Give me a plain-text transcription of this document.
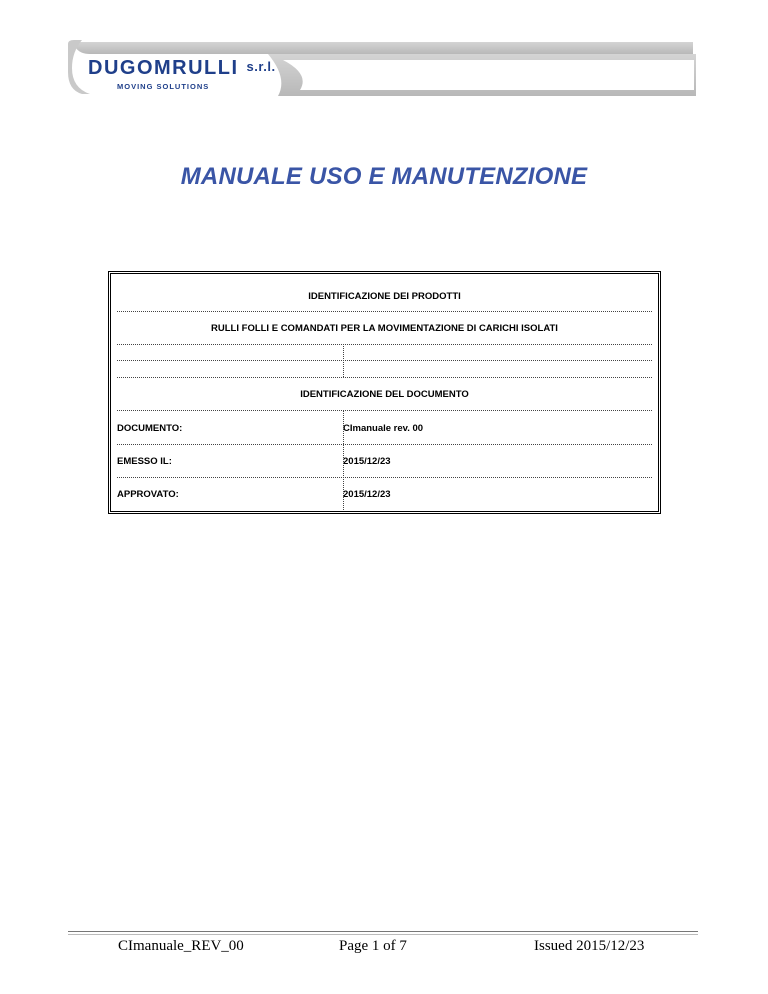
DUGOMRULLI s.r.l.
MOVING SOLUTIONS
MANUALE USO E MANUTENZIONE
IDENTIFICAZIONE DEI PRODOTTI
RULLI FOLLI E COMANDATI PER LA MOVIMENTAZIONE DI CARICHI ISOLATI
IDENTIFICAZIONE DEL DOCUMENTO
DOCUMENTO:	CImanuale rev. 00
EMESSO IL:	2015/12/23
APPROVATO:	2015/12/23
CImanuale_REV_00	Page 1 of 7	Issued 2015/12/23
